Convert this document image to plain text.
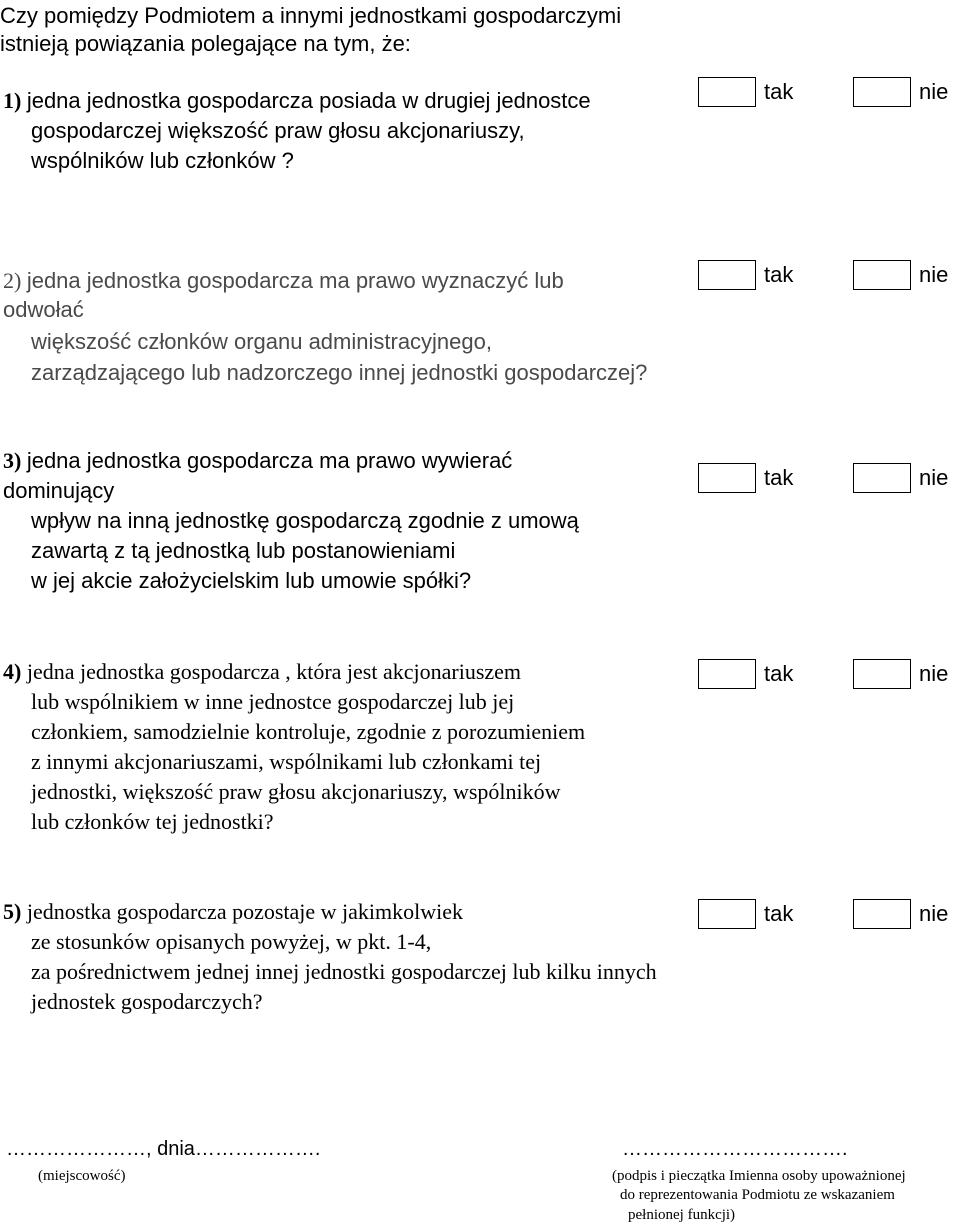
Czy pomiędzy Podmiotem a innymi jednostkami gospodarczymi
istnieją powiązania polegające na tym, że:
1) jedna jednostka gospodarcza posiada w drugiej jednostce
gospodarczej większość praw głosu akcjonariuszy,
wspólników lub członków ?
tak	nie
2) jedna jednostka gospodarcza ma prawo wyznaczyć lub
odwołać
większość członków organu administracyjnego,
zarządzającego lub nadzorczego innej jednostki gospodarczej?
tak	nie
3) jedna jednostka gospodarcza ma prawo wywierać
dominujący
wpływ na inną jednostkę gospodarczą zgodnie z umową
zawartą z tą jednostką lub postanowieniami
w jej akcie założycielskim lub umowie spółki?
tak	nie
4) jedna jednostka gospodarcza , która jest akcjonariuszem
lub wspólnikiem w inne jednostce gospodarczej lub jej
członkiem, samodzielnie kontroluje, zgodnie z porozumieniem
z innymi akcjonariuszami, wspólnikami lub członkami tej
jednostki, większość praw głosu akcjonariuszy, wspólników
lub członków tej jednostki?
tak	nie
5) jednostka gospodarcza pozostaje w jakimkolwiek
ze stosunków opisanych powyżej, w pkt. 1-4,
za pośrednictwem jednej innej jednostki gospodarczej lub kilku innych
jednostek gospodarczych?
tak	nie
…………………, dnia……………….
(miejscowość)
…………………………….
(podpis i pieczątka Imienna osoby upoważnionej
do reprezentowania Podmiotu ze wskazaniem
pełnionej funkcji)
